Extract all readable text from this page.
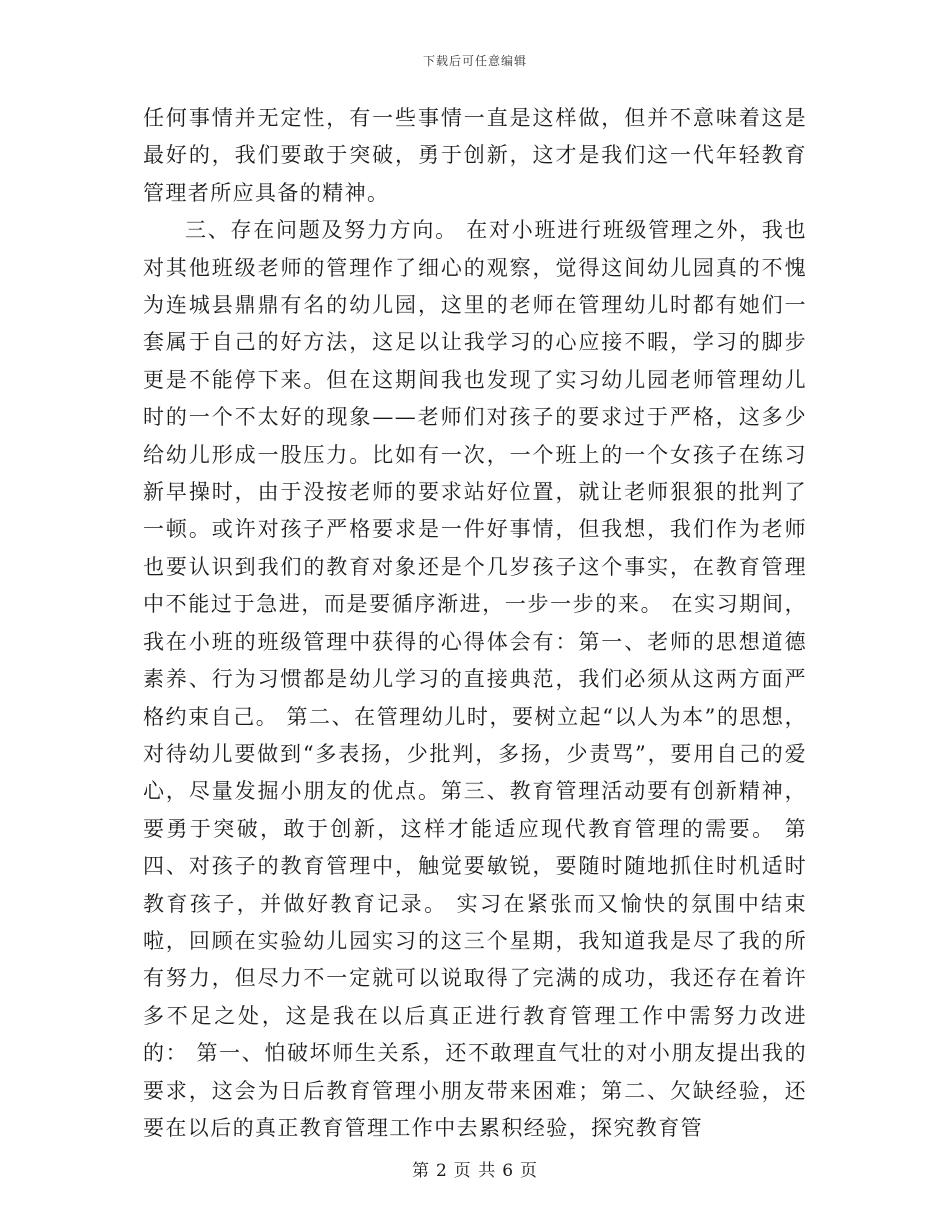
下载后可任意编辑

任何事情并无定性，有一些事情一直是这样做，但并不意味着这是最好的，我们要敢于突破，勇于创新，这才是我们这一代年轻教育管理者所应具备的精神。

三、存在问题及努力方向。 在对小班进行班级管理之外，我也对其他班级老师的管理作了细心的观察，觉得这间幼儿园真的不愧为连城县鼎鼎有名的幼儿园，这里的老师在管理幼儿时都有她们一套属于自己的好方法，这足以让我学习的心应接不暇，学习的脚步更是不能停下来。但在这期间我也发现了实习幼儿园老师管理幼儿时的一个不太好的现象——老师们对孩子的要求过于严格，这多少给幼儿形成一股压力。比如有一次，一个班上的一个女孩子在练习新早操时，由于没按老师的要求站好位置，就让老师狠狠的批判了一顿。或许对孩子严格要求是一件好事情，但我想，我们作为老师也要认识到我们的教育对象还是个几岁孩子这个事实，在教育管理中不能过于急进，而是要循序渐进，一步一步的来。 在实习期间，我在小班的班级管理中获得的心得体会有：第一、老师的思想道德素养、行为习惯都是幼儿学习的直接典范，我们必须从这两方面严格约束自己。 第二、在管理幼儿时，要树立起“以人为本”的思想，对待幼儿要做到“多表扬，少批判，多扬，少责骂”，要用自己的爱心，尽量发掘小朋友的优点。第三、教育管理活动要有创新精神，要勇于突破，敢于创新，这样才能适应现代教育管理的需要。 第四、对孩子的教育管理中，触觉要敏锐，要随时随地抓住时机适时教育孩子，并做好教育记录。 实习在紧张而又愉快的氛围中结束啦，回顾在实验幼儿园实习的这三个星期，我知道我是尽了我的所有努力，但尽力不一定就可以说取得了完满的成功，我还存在着许多不足之处，这是我在以后真正进行教育管理工作中需努力改进的： 第一、怕破坏师生关系，还不敢理直气壮的对小朋友提出我的要求，这会为日后教育管理小朋友带来困难；第二、欠缺经验，还要在以后的真正教育管理工作中去累积经验，探究教育管

第 2 页 共 6 页
